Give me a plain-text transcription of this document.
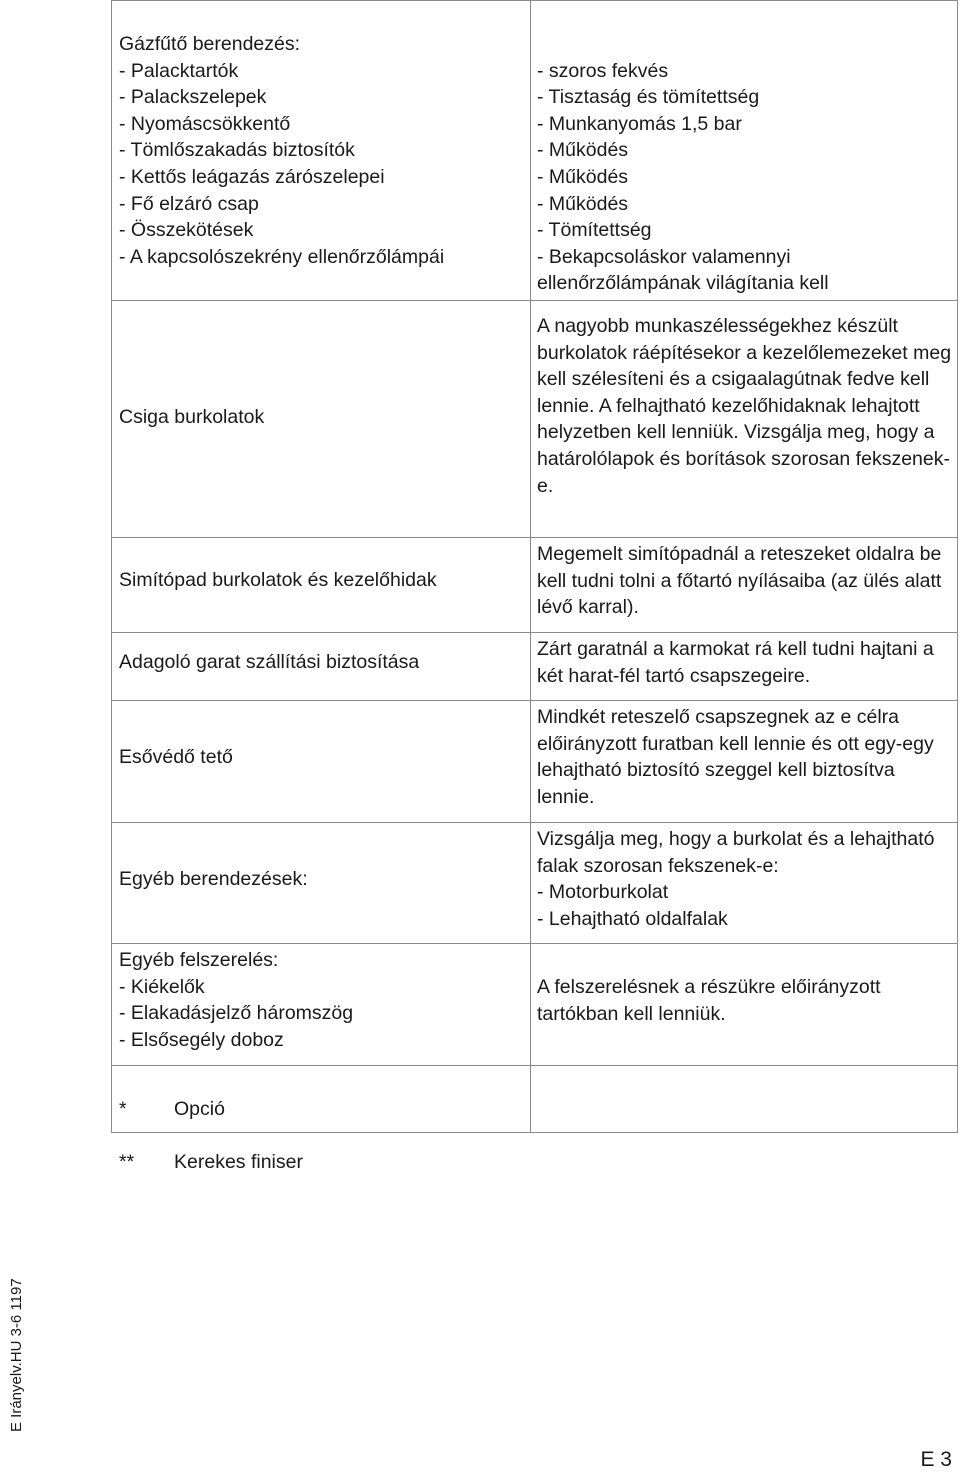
Gázfűtő berendezés:
- Palacktartók
- Palackszelepek
- Nyomáscsökkentő
- Tömlőszakadás biztosítók
- Kettős leágazás zárószelepei
- Fő elzáró csap
- Összekötések
- A kapcsolószekrény ellenőrzőlámpái

- szoros fekvés
- Tisztaság és tömítettség
- Munkanyomás 1,5 bar
- Működés
- Működés
- Működés
- Tömítettség
- Bekapcsoláskor valamennyi
ellenőrzőlámpának világítania kell
Csiga burkolatok
A nagyobb munkaszélességekhez készült burkolatok ráépítésekor a kezelőlemezeket meg kell szélesíteni és a csigaalagútnak fedve kell lennie. A felhajtható kezelőhidaknak lehajtott helyzetben kell lenniük. Vizsgálja meg, hogy a határolólapok és borítások szorosan fekszenek-e.
Simítópad burkolatok és kezelőhidak
Megemelt simítópadnál a reteszeket oldalra be kell tudni tolni a főtartó nyílásaiba (az ülés alatt lévő karral).
Adagoló garat szállítási biztosítása
Zárt garatnál a karmokat rá kell tudni hajtani a két harat-fél tartó csapszegeire.
Esővédő tető
Mindkét reteszelő csapszegnek az e célra előirányzott furatban kell lennie és ott egy-egy lehajtható biztosító szeggel kell biztosítva lennie.
Egyéb berendezések:
Vizsgálja meg, hogy a burkolat és a lehajtható falak szorosan fekszenek-e:
- Motorburkolat
- Lehajtható oldalfalak
Egyéb felszerelés:
- Kiékelők
- Elakadásjelző háromszög
- Elsősegély doboz
A felszerelésnek a részükre előirányzott tartókban kell lenniük.

*	Opció

**	Kerekes finiser

E Irányelv.HU 3-6 1197
E 3
